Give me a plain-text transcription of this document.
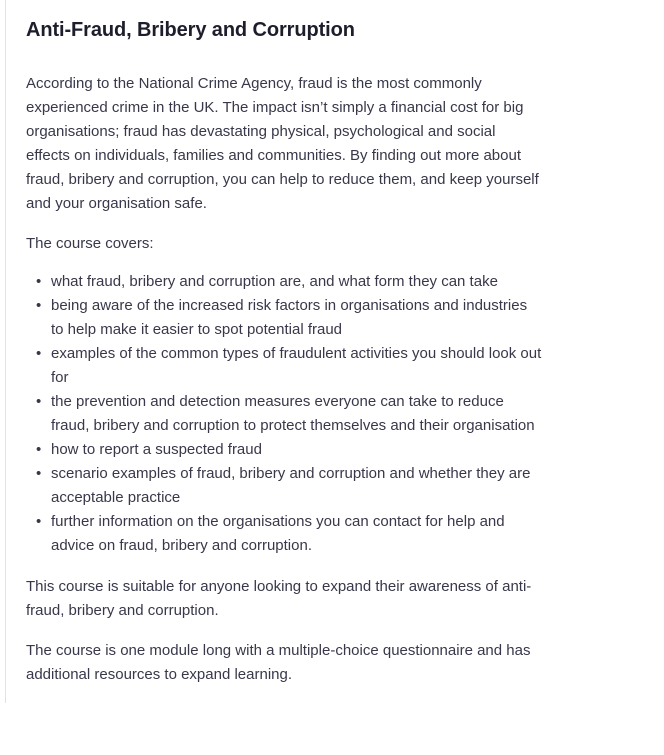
Anti-Fraud, Bribery and Corruption

According to the National Crime Agency, fraud is the most commonly experienced crime in the UK. The impact isn’t simply a financial cost for big organisations; fraud has devastating physical, psychological and social effects on individuals, families and communities. By finding out more about fraud, bribery and corruption, you can help to reduce them, and keep yourself and your organisation safe.

The course covers:

• what fraud, bribery and corruption are, and what form they can take
• being aware of the increased risk factors in organisations and industries to help make it easier to spot potential fraud
• examples of the common types of fraudulent activities you should look out for
• the prevention and detection measures everyone can take to reduce fraud, bribery and corruption to protect themselves and their organisation
• how to report a suspected fraud
• scenario examples of fraud, bribery and corruption and whether they are acceptable practice
• further information on the organisations you can contact for help and advice on fraud, bribery and corruption.

This course is suitable for anyone looking to expand their awareness of anti-fraud, bribery and corruption.

The course is one module long with a multiple-choice questionnaire and has additional resources to expand learning.
